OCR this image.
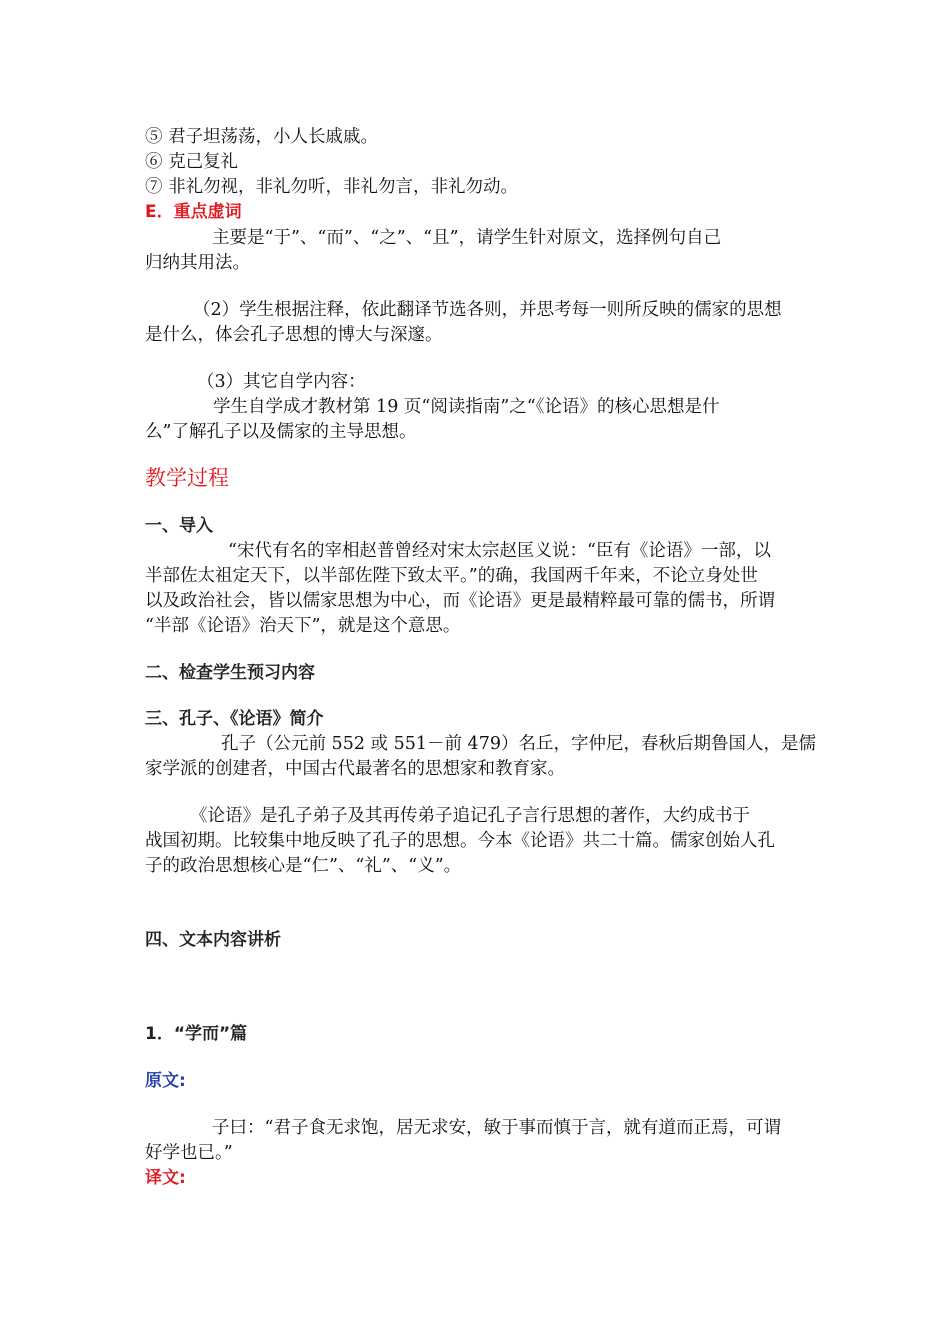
⑤ 君子坦荡荡，小人长戚戚。

⑥ 克己复礼

⑦ 非礼勿视，非礼勿听，非礼勿言，非礼勿动。

E．重点虚词

主要是“于”、“而”、“之”、“且”，请学生针对原文，选择例句自己

归纳其用法。

（2）学生根据注释，依此翻译节选各则，并思考每一则所反映的儒家的思想

是什么，体会孔子思想的博大与深邃。

（3）其它自学内容：

学生自学成才教材第 19 页“阅读指南”之“《论语》的核心思想是什

么”了解孔子以及儒家的主导思想。

教学过程

一、导入

“宋代有名的宰相赵普曾经对宋太宗赵匡义说：“臣有《论语》一部，以

半部佐太祖定天下，以半部佐陛下致太平。”的确，我国两千年来，不论立身处世

以及政治社会，皆以儒家思想为中心，而《论语》更是最精粹最可靠的儒书，所谓

“半部《论语》治天下”，就是这个意思。

二、检查学生预习内容

三、孔子、《论语》简介

孔子（公元前 552 或 551－前 479）名丘，字仲尼，春秋后期鲁国人，是儒

家学派的创建者，中国古代最著名的思想家和教育家。

《论语》是孔子弟子及其再传弟子追记孔子言行思想的著作，大约成书于

战国初期。比较集中地反映了孔子的思想。今本《论语》共二十篇。儒家创始人孔

子的政治思想核心是“仁”、“礼”、“义”。

四、文本内容讲析

1．“学而”篇

原文:

子曰：“君子食无求饱，居无求安，敏于事而慎于言，就有道而正焉，可谓

好学也已。”

译文:
